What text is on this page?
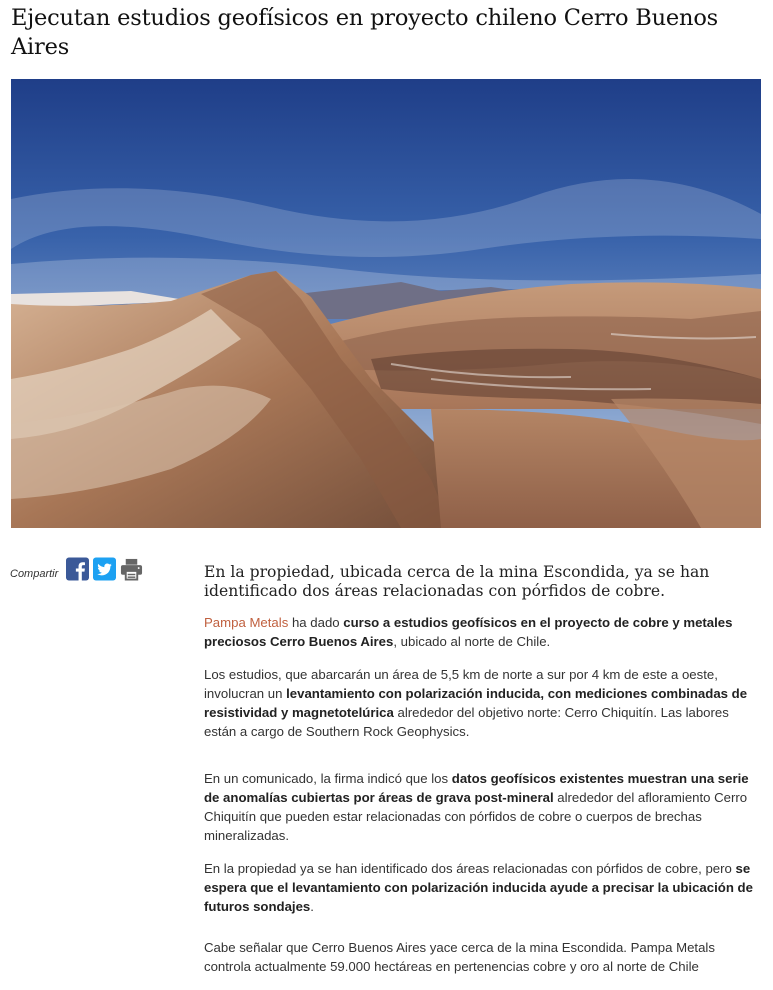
Ejecutan estudios geofísicos en proyecto chileno Cerro Buenos Aires
Compartir	En la propiedad, ubicada cerca de la mina Escondida, ya se han identificado dos áreas relacionadas con pórfidos de cobre.

Pampa Metals ha dado curso a estudios geofísicos en el proyecto de cobre y metales preciosos Cerro Buenos Aires, ubicado al norte de Chile.

Los estudios, que abarcarán un área de 5,5 km de norte a sur por 4 km de este a oeste, involucran un levantamiento con polarización inducida, con mediciones combinadas de resistividad y magnetotelúrica alrededor del objetivo norte: Cerro Chiquitín. Las labores están a cargo de Southern Rock Geophysics.

En un comunicado, la firma indicó que los datos geofísicos existentes muestran una serie de anomalías cubiertas por áreas de grava post-mineral alrededor del afloramiento Cerro Chiquitín que pueden estar relacionadas con pórfidos de cobre o cuerpos de brechas mineralizadas.

En la propiedad ya se han identificado dos áreas relacionadas con pórfidos de cobre, pero se espera que el levantamiento con polarización inducida ayude a precisar la ubicación de futuros sondajes.

Cabe señalar que Cerro Buenos Aires yace cerca de la mina Escondida. Pampa Metals controla actualmente 59.000 hectáreas en pertenencias cobre y oro al norte de Chile
